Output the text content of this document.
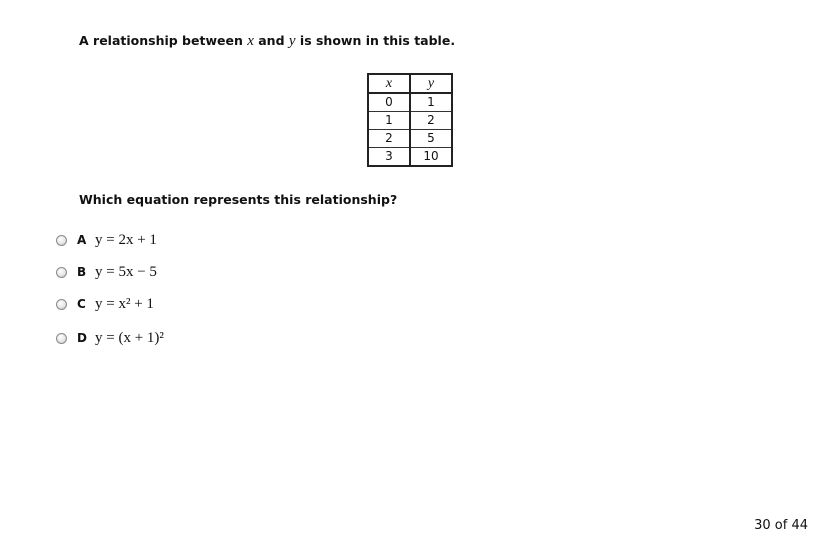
A relationship between x and y is shown in this table.
x	y
0	1
1	2
2	5
3	10
Which equation represents this relationship?
A y = 2x + 1
B y = 5x − 5
C y = x² + 1
D y = (x + 1)²
30 of 44
